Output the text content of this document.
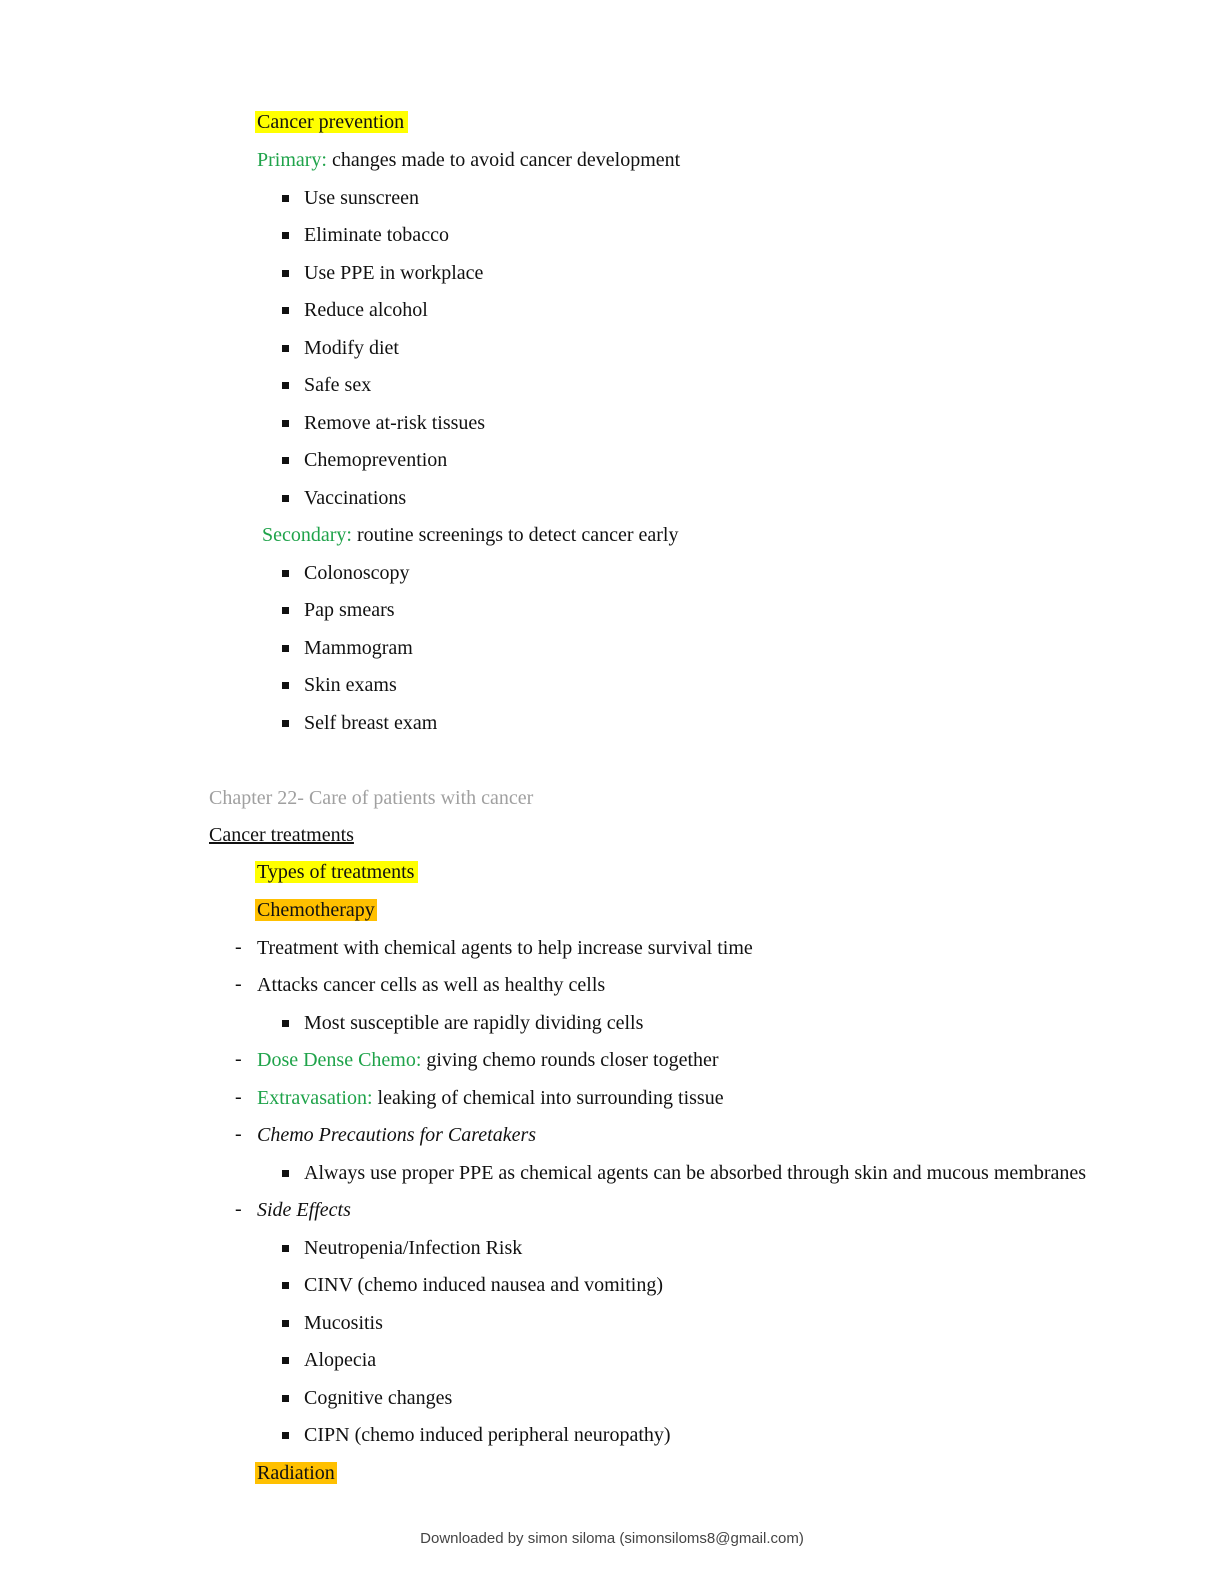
Cancer prevention
Primary: changes made to avoid cancer development
Use sunscreen
Eliminate tobacco
Use PPE in workplace
Reduce alcohol
Modify diet
Safe sex
Remove at-risk tissues
Chemoprevention
Vaccinations
Secondary: routine screenings to detect cancer early
Colonoscopy
Pap smears
Mammogram
Skin exams
Self breast exam
Chapter 22- Care of patients with cancer
Cancer treatments
Types of treatments
Chemotherapy
- Treatment with chemical agents to help increase survival time
- Attacks cancer cells as well as healthy cells
Most susceptible are rapidly dividing cells
- Dose Dense Chemo: giving chemo rounds closer together
- Extravasation: leaking of chemical into surrounding tissue
- Chemo Precautions for Caretakers
Always use proper PPE as chemical agents can be absorbed through skin and mucous membranes
- Side Effects
Neutropenia/Infection Risk
CINV (chemo induced nausea and vomiting)
Mucositis
Alopecia
Cognitive changes
CIPN (chemo induced peripheral neuropathy)
Radiation
Downloaded by simon siloma (simonsiloms8@gmail.com)
